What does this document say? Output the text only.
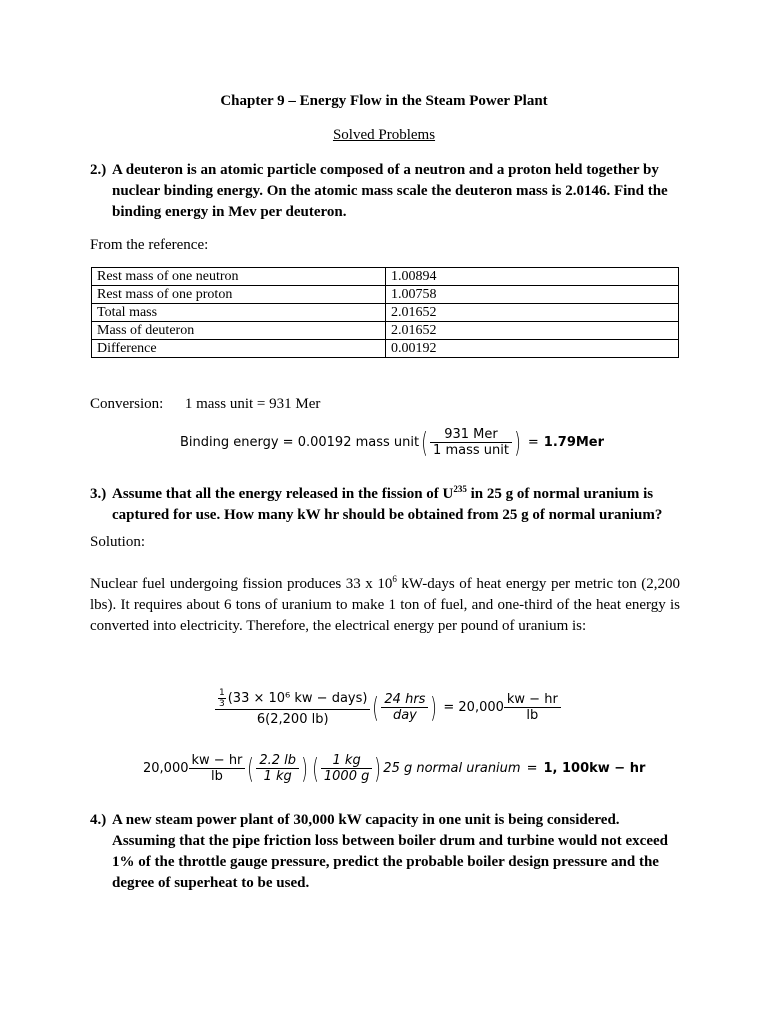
Chapter 9 – Energy Flow in the Steam Power Plant
Solved Problems
2.) A deuteron is an atomic particle composed of a neutron and a proton held together by nuclear binding energy. On the atomic mass scale the deuteron mass is 2.0146. Find the binding energy in Mev per deuteron.
From the reference:
Rest mass of one neutron	1.00894
Rest mass of one proton	1.00758
Total mass	2.01652
Mass of deuteron	2.01652
Difference	0.00192
Conversion: 1 mass unit = 931 Mer
Binding energy = 0.00192 mass unit ( $\frac{\text{931 Mer}}{\text{1 mass unit}}$ ) = 1.79Mer
3.) Assume that all the energy released in the fission of $U^{235}$ in 25 g of normal uranium is captured for use. How many kW hr should be obtained from 25 g of normal uranium?
Solution:
Nuclear fuel undergoing fission produces 33 x $10^6$ kW-days of heat energy per metric ton (2,200 lbs). It requires about 6 tons of uranium to make 1 ton of fuel, and one-third of the heat energy is converted into electricity. Therefore, the electrical energy per pound of uranium is:
$\frac{\frac{1}{3} (33 \times 10^6 kw - days)}{6(2,200 lb)}$ ( $\frac{\text{24 hrs}}{\text{day}}$ ) = $20,000 \frac{kw - hr}{lb}$
$20,000 \frac{kw - hr}{lb}$ ( $\frac{2.2 lb}{1 kg}$ ) ( $\frac{1 kg}{1000 g}$ ) 25 g normal uranium = 1, 100kw − hr
4.) A new steam power plant of 30,000 kW capacity in one unit is being considered. Assuming that the pipe friction loss between boiler drum and turbine would not exceed 1% of the throttle gauge pressure, predict the probable boiler design pressure and the degree of superheat to be used.
